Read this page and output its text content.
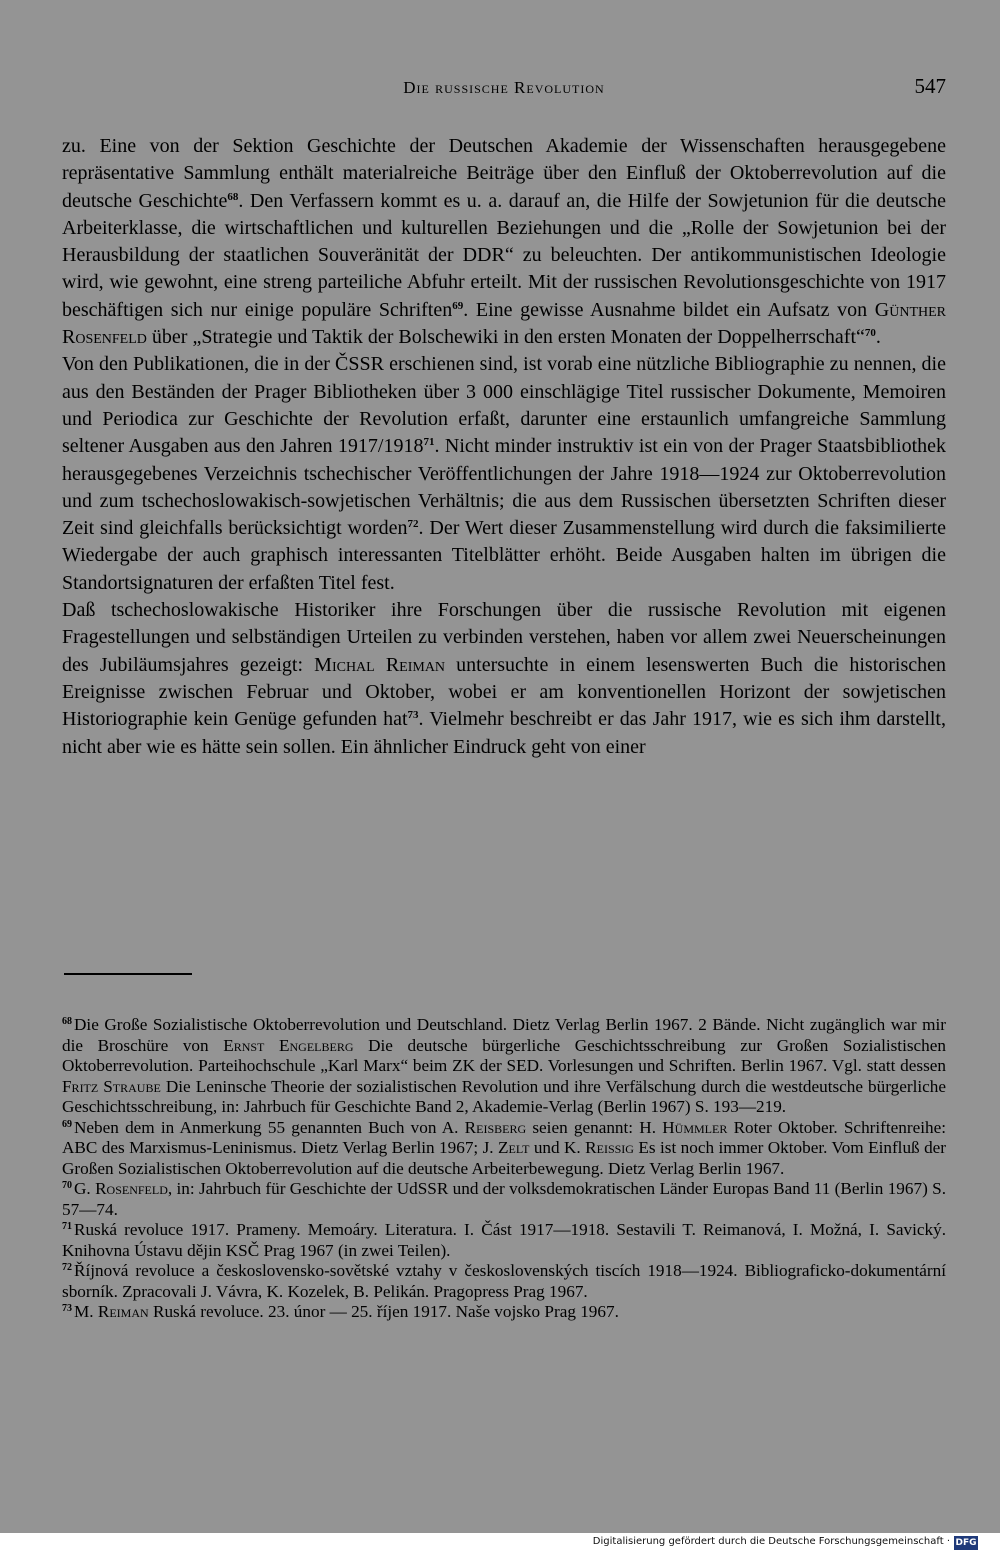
Die russische Revolution	547

zu. Eine von der Sektion Geschichte der Deutschen Akademie der Wissenschaften herausgegebene repräsentative Sammlung enthält materialreiche Beiträge über den Einfluß der Oktoberrevolution auf die deutsche Geschichte$^{68}$. Den Verfassern kommt es u. a. darauf an, die Hilfe der Sowjetunion für die deutsche Arbeiterklasse, die wirtschaftlichen und kulturellen Beziehungen und die „Rolle der Sowjetunion bei der Herausbildung der staatlichen Souveränität der DDR“ zu beleuchten. Der antikommunistischen Ideologie wird, wie gewohnt, eine streng parteiliche Abfuhr erteilt. Mit der russischen Revolutionsgeschichte von 1917 beschäftigen sich nur einige populäre Schriften$^{69}$. Eine gewisse Ausnahme bildet ein Aufsatz von Günther Rosenfeld über „Strategie und Taktik der Bolschewiki in den ersten Monaten der Doppelherrschaft“$^{70}$.

Von den Publikationen, die in der ČSSR erschienen sind, ist vorab eine nützliche Bibliographie zu nennen, die aus den Beständen der Prager Bibliotheken über 3 000 einschlägige Titel russischer Dokumente, Memoiren und Periodica zur Geschichte der Revolution erfaßt, darunter eine erstaunlich umfangreiche Sammlung seltener Ausgaben aus den Jahren 1917/1918$^{71}$. Nicht minder instruktiv ist ein von der Prager Staatsbibliothek herausgegebenes Verzeichnis tschechischer Veröffentlichungen der Jahre 1918—1924 zur Oktoberrevolution und zum tschechoslowakisch-sowjetischen Verhältnis; die aus dem Russischen übersetzten Schriften dieser Zeit sind gleichfalls berücksichtigt worden$^{72}$. Der Wert dieser Zusammenstellung wird durch die faksimilierte Wiedergabe der auch graphisch interessanten Titelblätter erhöht. Beide Ausgaben halten im übrigen die Standortsignaturen der erfaßten Titel fest.

Daß tschechoslowakische Historiker ihre Forschungen über die russische Revolution mit eigenen Fragestellungen und selbständigen Urteilen zu verbinden verstehen, haben vor allem zwei Neuerscheinungen des Jubiläumsjahres gezeigt: Michal Reiman untersuchte in einem lesenswerten Buch die historischen Ereignisse zwischen Februar und Oktober, wobei er am konventionellen Horizont der sowjetischen Historiographie kein Genüge gefunden hat$^{73}$. Vielmehr beschreibt er das Jahr 1917, wie es sich ihm darstellt, nicht aber wie es hätte sein sollen. Ein ähnlicher Eindruck geht von einer

$^{68}$ Die Große Sozialistische Oktoberrevolution und Deutschland. Dietz Verlag Berlin 1967. 2 Bände. Nicht zugänglich war mir die Broschüre von Ernst Engelberg Die deutsche bürgerliche Geschichtsschreibung zur Großen Sozialistischen Oktoberrevolution. Parteihochschule „Karl Marx“ beim ZK der SED. Vorlesungen und Schriften. Berlin 1967. Vgl. statt dessen Fritz Straube Die Leninsche Theorie der sozialistischen Revolution und ihre Verfälschung durch die westdeutsche bürgerliche Geschichtsschreibung, in: Jahrbuch für Geschichte Band 2, Akademie-Verlag (Berlin 1967) S. 193—219.

$^{69}$ Neben dem in Anmerkung 55 genannten Buch von A. Reisberg seien genannt: H. Hümmler Roter Oktober. Schriftenreihe: ABC des Marxismus-Leninismus. Dietz Verlag Berlin 1967; J. Zelt und K. Reissig Es ist noch immer Oktober. Vom Einfluß der Großen Sozialistischen Oktoberrevolution auf die deutsche Arbeiterbewegung. Dietz Verlag Berlin 1967.

$^{70}$ G. Rosenfeld, in: Jahrbuch für Geschichte der UdSSR und der volksdemokratischen Länder Europas Band 11 (Berlin 1967) S. 57—74.

$^{71}$ Ruská revoluce 1917. Prameny. Memoáry. Literatura. I. Část 1917—1918. Sestavili T. Reimanová, I. Možná, I. Savický. Knihovna Ústavu dějin KSČ Prag 1967 (in zwei Teilen).

$^{72}$ Říjnová revoluce a československo-sovětské vztahy v československých tiscích 1918—1924. Bibliograficko-dokumentární sborník. Zpracovali J. Vávra, K. Kozelek, B. Pelikán. Pragopress Prag 1967.

$^{73}$ M. Reiman Ruská revoluce. 23. únor — 25. říjen 1917. Naše vojsko Prag 1967.

Digitalisierung gefördert durch die Deutsche Forschungsgemeinschaft · DFG
